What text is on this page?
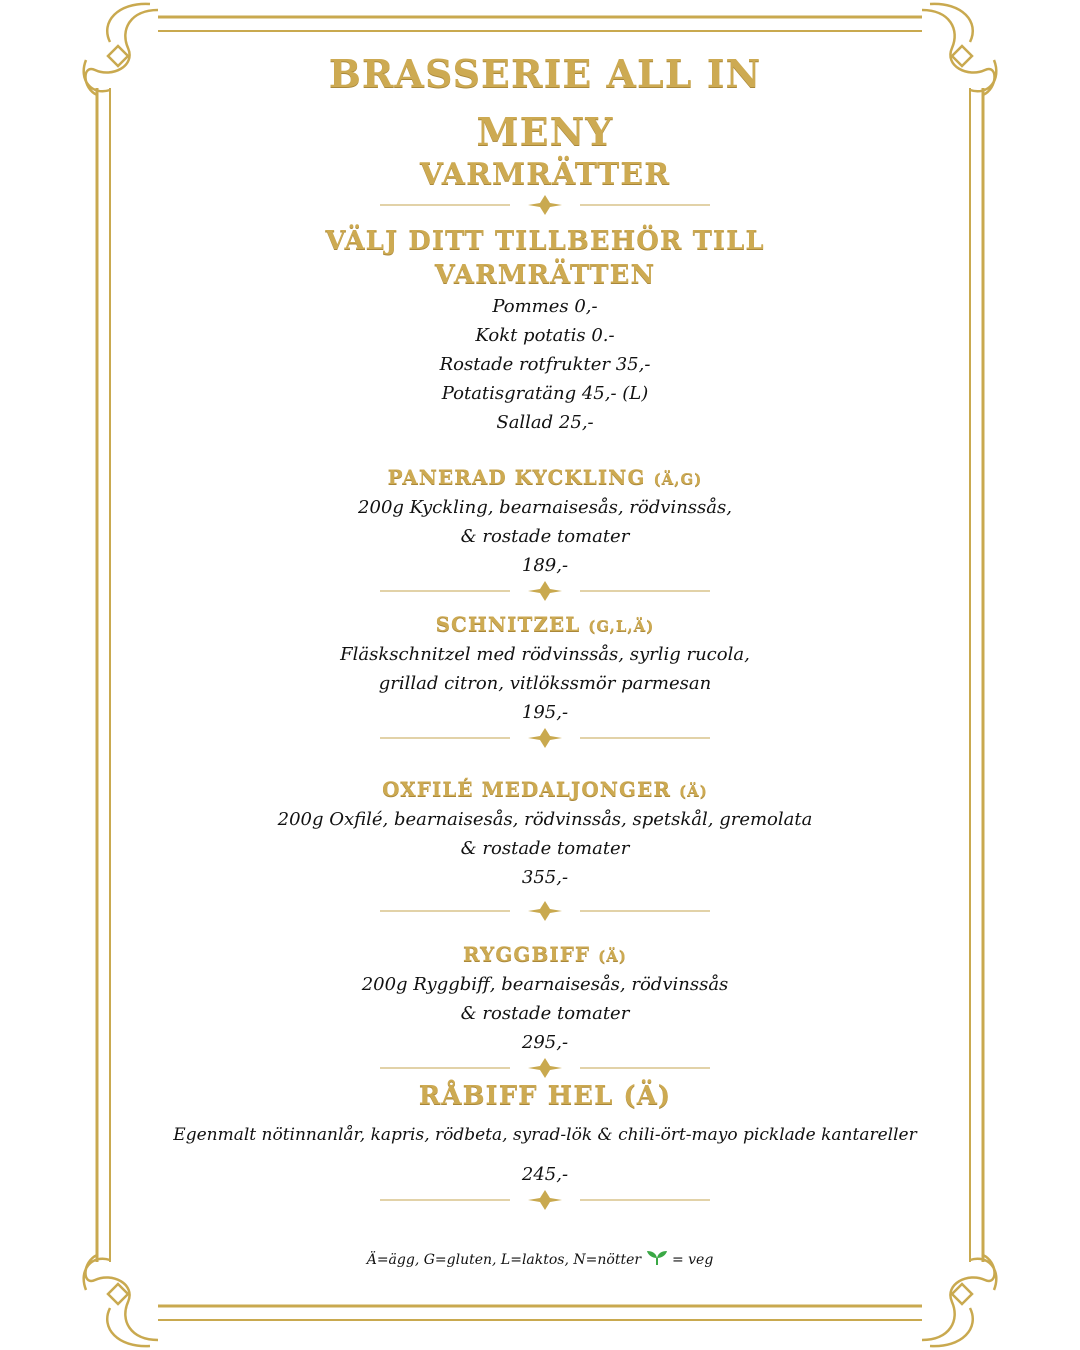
BRASSERIE ALL IN
MENY
VARMRÄTTER
VÄLJ DITT TILLBEHÖR TILL
VARMRÄTTEN
Pommes 0,-
Kokt potatis 0.-
Rostade rotfrukter 35,-
Potatisgratäng 45,- (L)
Sallad 25,-
PANERAD KYCKLING (Ä,G)
200g Kyckling, bearnaisesås, rödvinssås,
& rostade tomater
189,-
SCHNITZEL (G,L,Ä)
Fläskschnitzel med rödvinssås, syrlig rucola,
grillad citron, vitlökssmör parmesan
195,-
OXFILÉ MEDALJONGER (Ä)
200g Oxfilé, bearnaisesås, rödvinssås, spetskål, gremolata
& rostade tomater
355,-
RYGGBIFF (Ä)
200g Ryggbiff, bearnaisesås, rödvinssås
& rostade tomater
295,-
RÅBIFF HEL (Ä)
Egenmalt nötinnanlår, kapris, rödbeta, syrad-lök & chili-ört-mayo picklade kantareller
245,-
Ä=ägg, G=gluten, L=laktos, N=nötter = veg
